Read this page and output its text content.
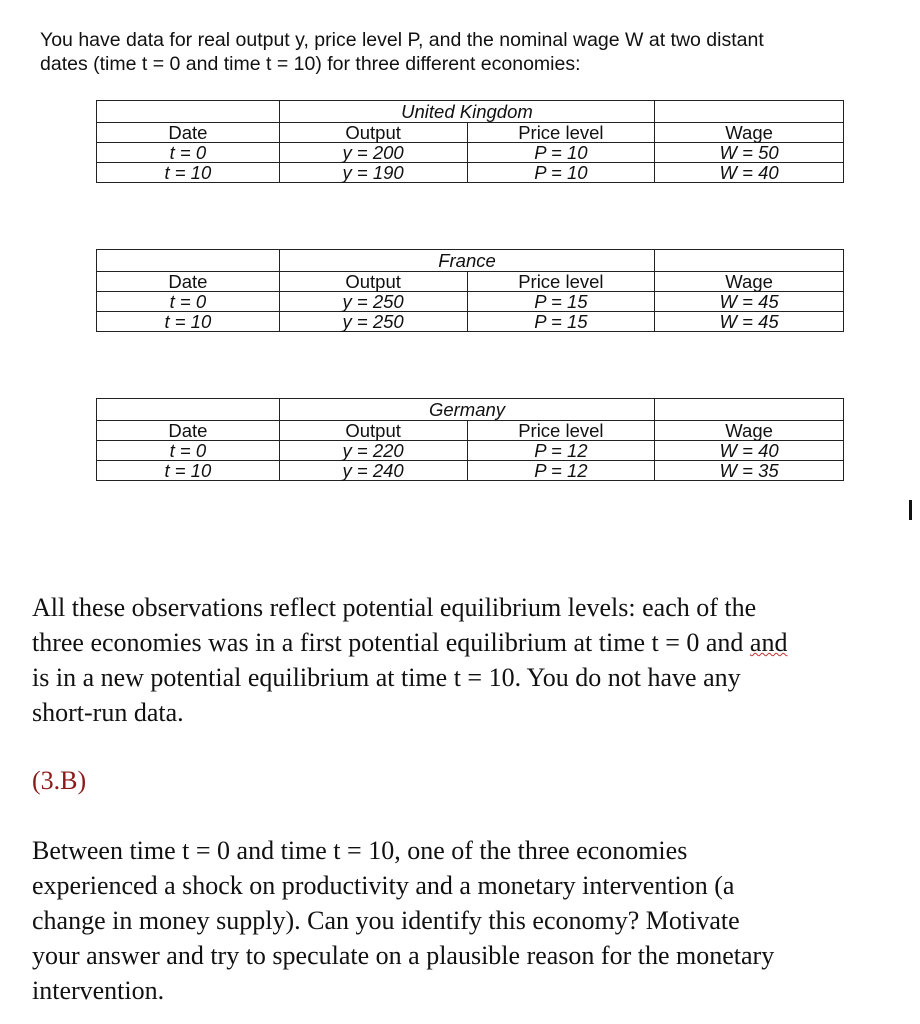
You have data for real output y, price level P, and the nominal wage W at two distant
dates (time t = 0 and time t = 10) for three different economies:
	United Kingdom		
Date	Output	Price level	Wage
t = 0	y = 200	P = 10	W = 50
t = 10	y = 190	P = 10	W = 40
	France		
Date	Output	Price level	Wage
t = 0	y = 250	P = 15	W = 45
t = 10	y = 250	P = 15	W = 45
	Germany		
Date	Output	Price level	Wage
t = 0	y = 220	P = 12	W = 40
t = 10	y = 240	P = 12	W = 35
All these observations reflect potential equilibrium levels: each of the
three economies was in a first potential equilibrium at time t = 0 and and
is in a new potential equilibrium at time t = 10. You do not have any
short-run data.
(3.B)
Between time t = 0 and time t = 10, one of the three economies
experienced a shock on productivity and a monetary intervention (a
change in money supply). Can you identify this economy? Motivate
your answer and try to speculate on a plausible reason for the monetary
intervention.
